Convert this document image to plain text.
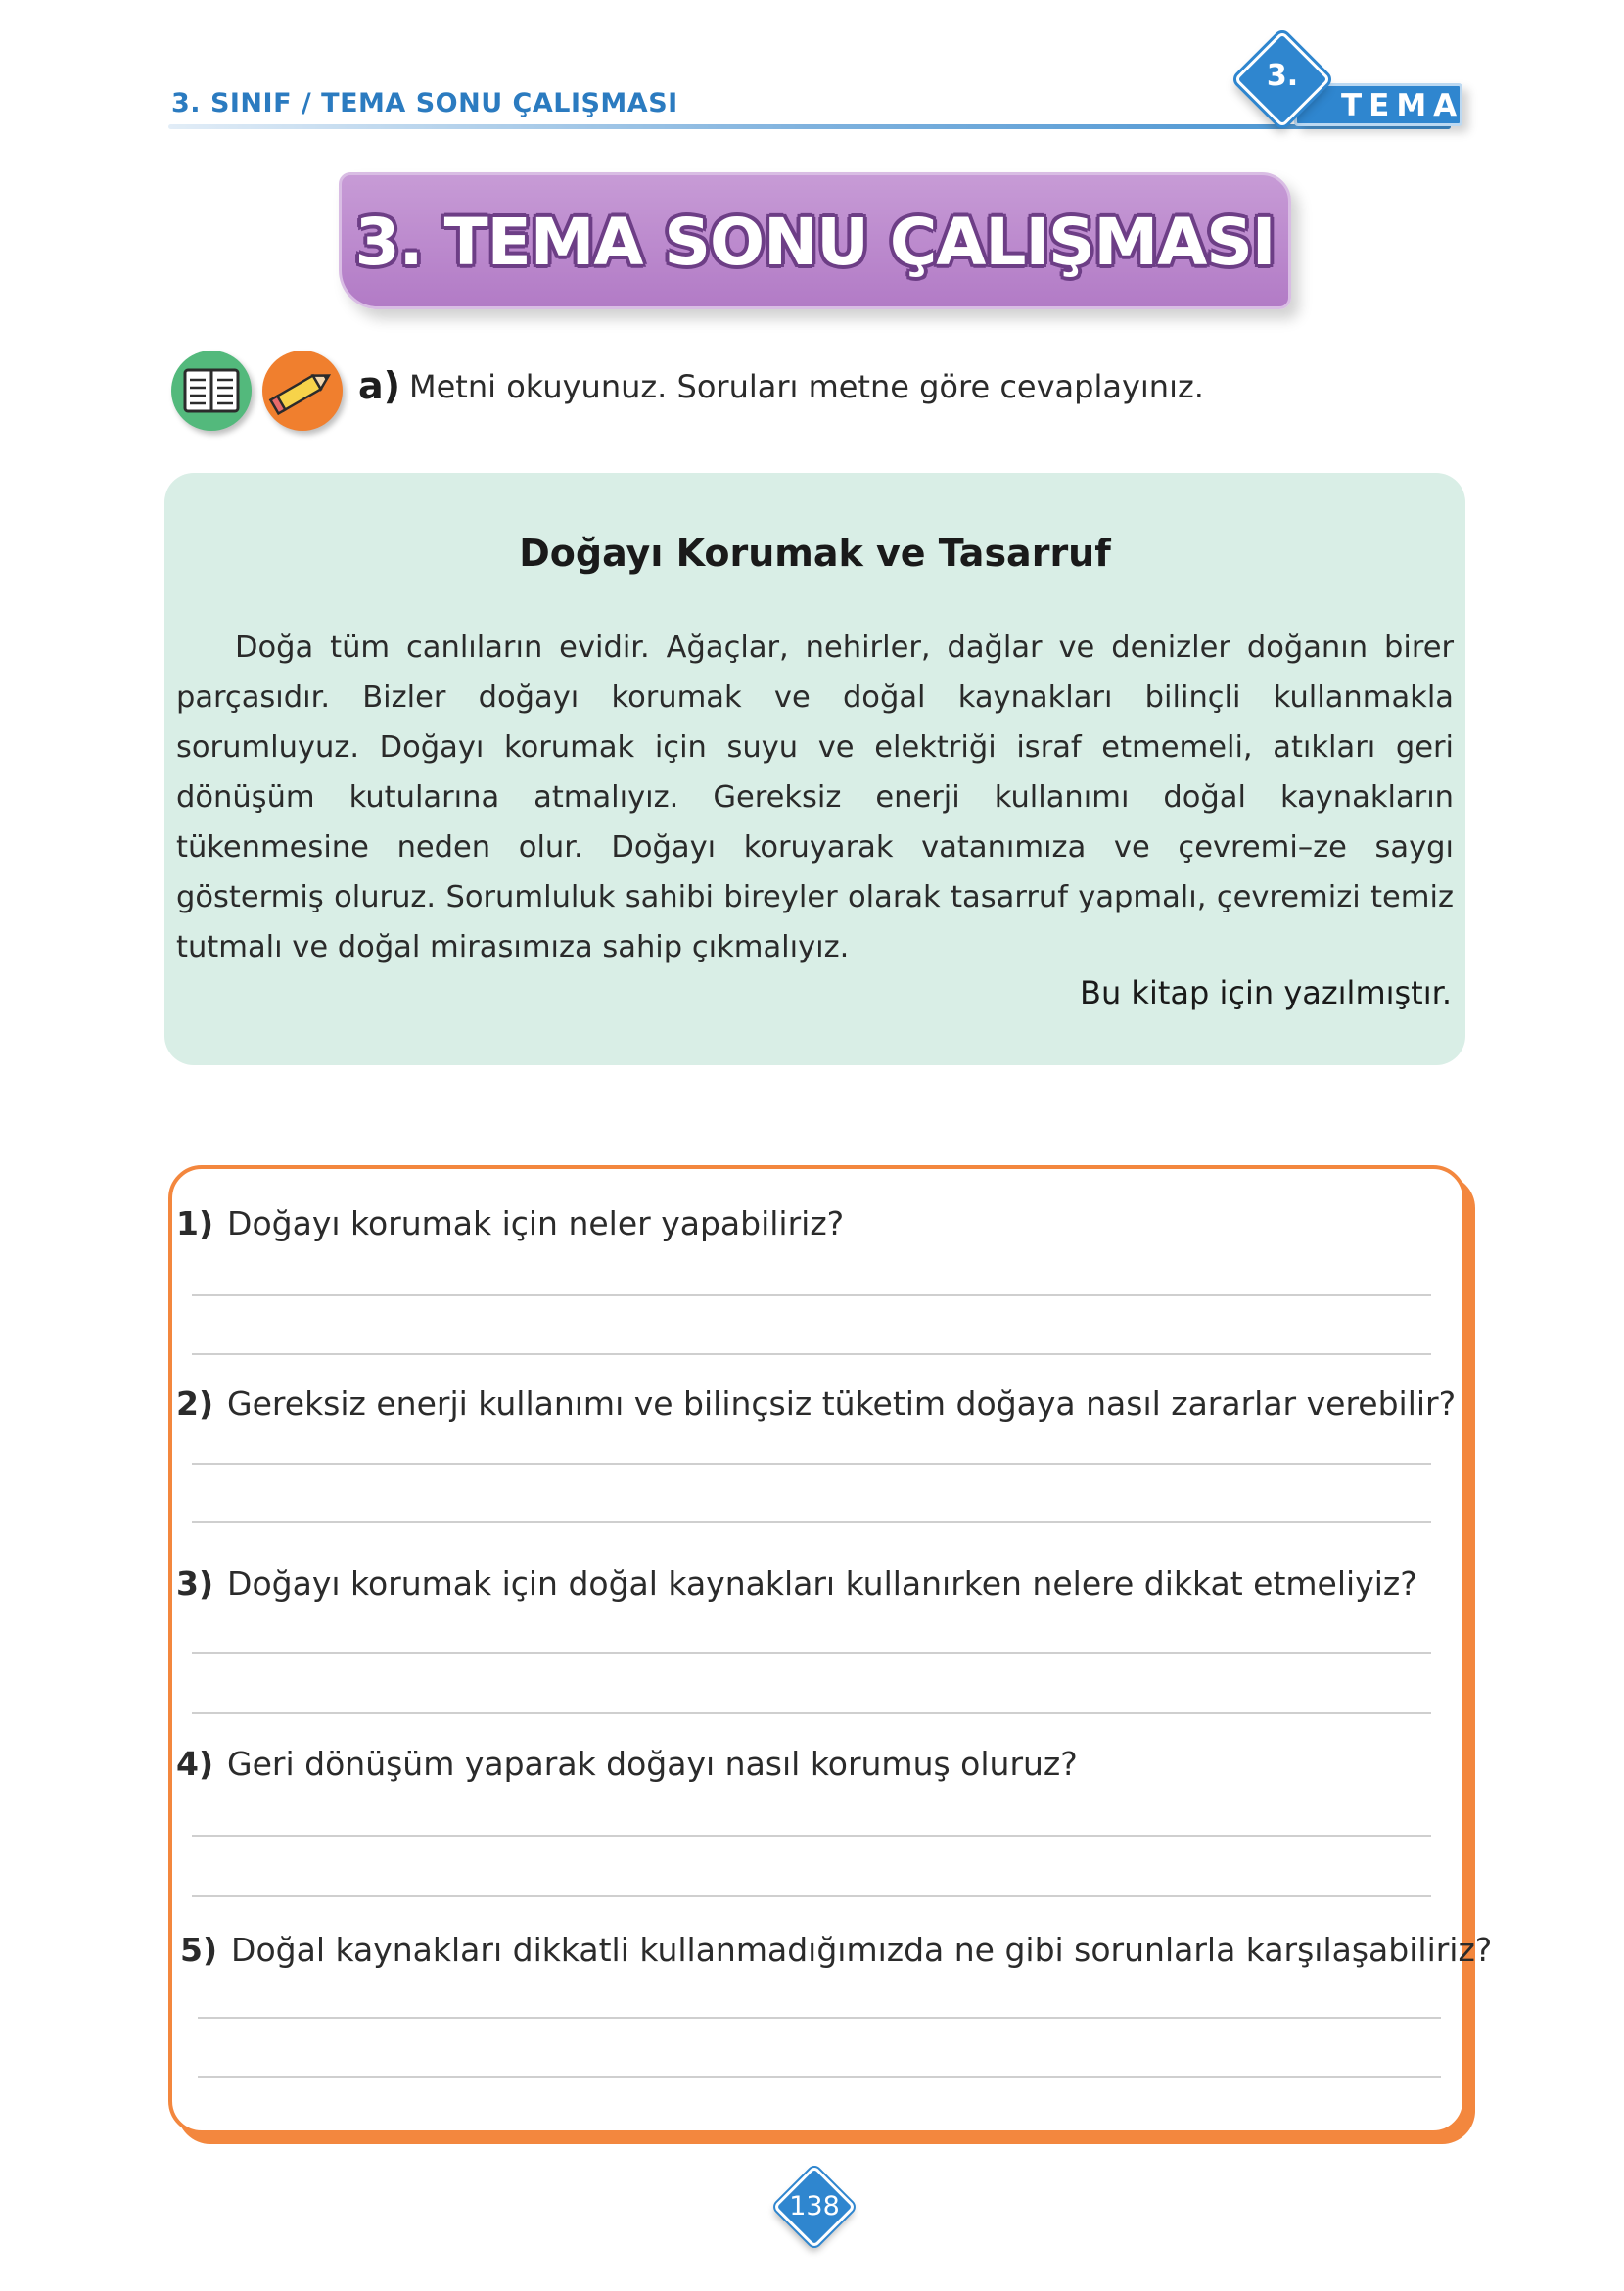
3. SINIF / TEMA SONU ÇALIŞMASI	TEMA
3.
3. TEMA SONU ÇALIŞMASI
a) Metni okuyunuz. Soruları metne göre cevaplayınız.
Doğayı Korumak ve Tasarruf
Doğa tüm canlıların evidir. Ağaçlar, nehirler, dağlar ve denizler doğanın birer parçasıdır. Bizler doğayı korumak ve doğal kaynakları bilinçli kullanmakla sorumluyuz. Doğayı korumak için suyu ve elektriği israf etmemeli, atıkları geri dönüşüm kutularına atmalıyız. Gereksiz enerji kullanımı doğal kaynakların tükenmesine neden olur. Doğayı koruyarak vatanımıza ve çevremi–ze saygı göstermiş oluruz. Sorumluluk sahibi bireyler olarak tasarruf yapmalı, çevremizi temiz tutmalı ve doğal mirasımıza sahip çıkmalıyız.
Bu kitap için yazılmıştır.
1) Doğayı korumak için neler yapabiliriz?
2) Gereksiz enerji kullanımı ve bilinçsiz tüketim doğaya nasıl zararlar verebilir?
3) Doğayı korumak için doğal kaynakları kullanırken nelere dikkat etmeliyiz?
4) Geri dönüşüm yaparak doğayı nasıl korumuş oluruz?
5) Doğal kaynakları dikkatli kullanmadığımızda ne gibi sorunlarla karşılaşabiliriz?
138
